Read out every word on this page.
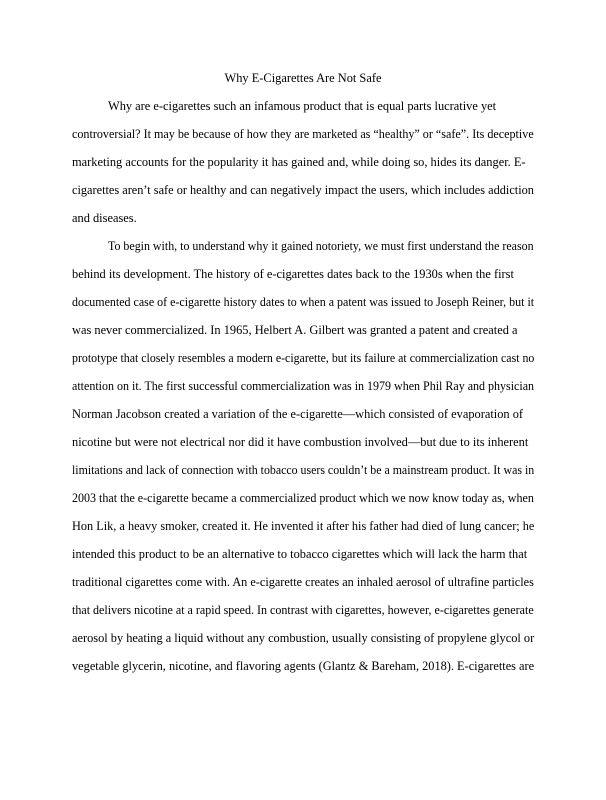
Why E-Cigarettes Are Not Safe
Why are e-cigarettes such an infamous product that is equal parts lucrative yet
controversial? It may be because of how they are marketed as “healthy” or “safe”. Its deceptive
marketing accounts for the popularity it has gained and, while doing so, hides its danger. E-
cigarettes aren’t safe or healthy and can negatively impact the users, which includes addiction
and diseases.
To begin with, to understand why it gained notoriety, we must first understand the reason
behind its development. The history of e-cigarettes dates back to the 1930s when the first
documented case of e-cigarette history dates to when a patent was issued to Joseph Reiner, but it
was never commercialized. In 1965, Helbert A. Gilbert was granted a patent and created a
prototype that closely resembles a modern e-cigarette, but its failure at commercialization cast no
attention on it. The first successful commercialization was in 1979 when Phil Ray and physician
Norman Jacobson created a variation of the e-cigarette—which consisted of evaporation of
nicotine but were not electrical nor did it have combustion involved—but due to its inherent
limitations and lack of connection with tobacco users couldn’t be a mainstream product. It was in
2003 that the e-cigarette became a commercialized product which we now know today as, when
Hon Lik, a heavy smoker, created it. He invented it after his father had died of lung cancer; he
intended this product to be an alternative to tobacco cigarettes which will lack the harm that
traditional cigarettes come with. An e-cigarette creates an inhaled aerosol of ultrafine particles
that delivers nicotine at a rapid speed. In contrast with cigarettes, however, e-cigarettes generate
aerosol by heating a liquid without any combustion, usually consisting of propylene glycol or
vegetable glycerin, nicotine, and flavoring agents (Glantz & Bareham, 2018). E-cigarettes are
